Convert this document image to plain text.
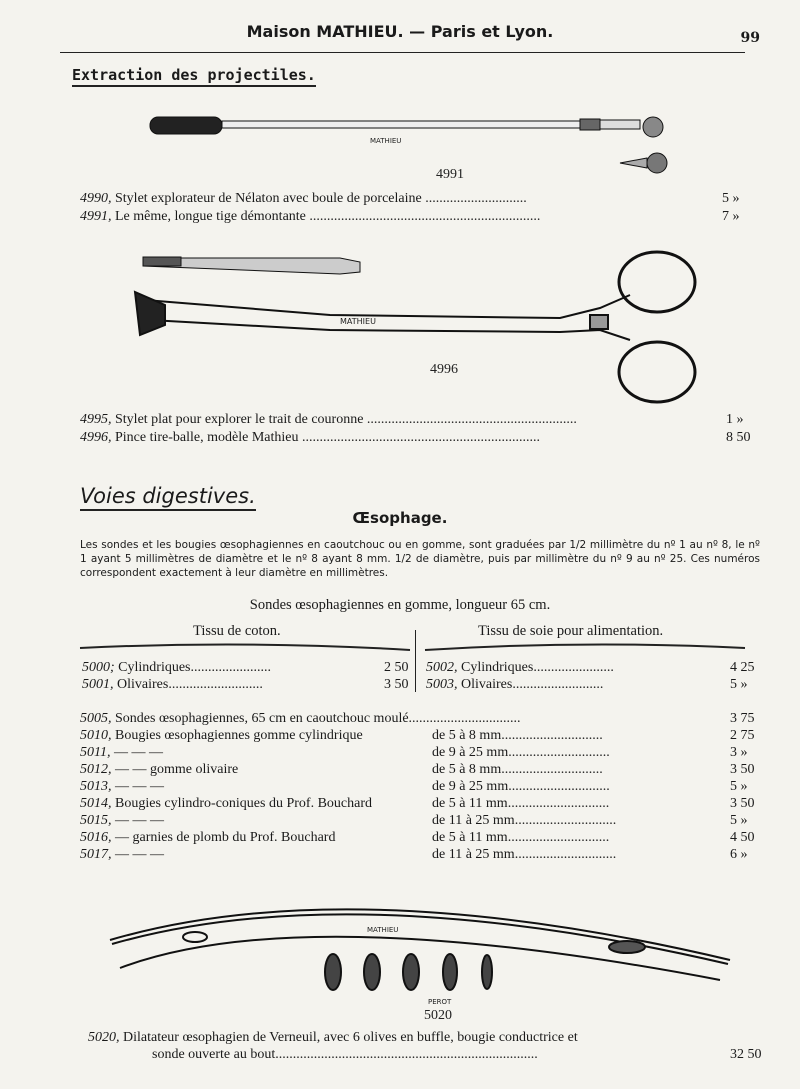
Maison MATHIEU. — Paris et Lyon.	99
Extraction des projectiles.
MATHIEU
4991
MATHIEU
4996
MATHIEU
PEROT
5020
4990, Stylet explorateur de Nélaton avec boule de porcelaine .............................	5 »
4991, Le même, longue tige démontante ..................................................................	7 »
4995, Stylet plat pour explorer le trait de couronne ............................................................	1 »
4996, Pince tire-balle, modèle Mathieu ....................................................................	8 50
Voies digestives.
Œsophage.
Les sondes et les bougies œsophagiennes en caoutchouc ou en gomme, sont graduées par 1/2 millimètre du nº 1 au nº 8, le nº 1 ayant 5 millimètres de diamètre et le nº 8 ayant 8 mm. 1/2 de diamètre, puis par millimètre du nº 9 au nº 25. Ces numéros correspondent exactement à leur diamètre en millimètres.
Sondes œsophagiennes en gomme, longueur 65 cm.
Tissu de coton.	Tissu de soie pour alimentation.
5000; Cylindriques.......................	2 50
5001, Olivaires...........................	3 50
5002, Cylindriques.......................	4 25
5003, Olivaires..........................	5 »
5005, Sondes œsophagiennes, 65 cm en caoutchouc moulé................................	3 75
5010, Bougies œsophagiennes gomme cylindrique	de 5 à 8 mm.............................	2 75
5011, — — —	de 9 à 25 mm.............................	3 »
5012, — — gomme olivaire	de 5 à 8 mm.............................	3 50
5013, — — —	de 9 à 25 mm.............................	5 »
5014, Bougies cylindro-coniques du Prof. Bouchard	de 5 à 11 mm.............................	3 50
5015, — — —	de 11 à 25 mm.............................	5 »
5016, — garnies de plomb du Prof. Bouchard	de 5 à 11 mm.............................	4 50
5017, — — —	de 11 à 25 mm.............................	6 »
5020, Dilatateur œsophagien de Verneuil, avec 6 olives en buffle, bougie conductrice et
sonde ouverte au bout...........................................................................	32 50
